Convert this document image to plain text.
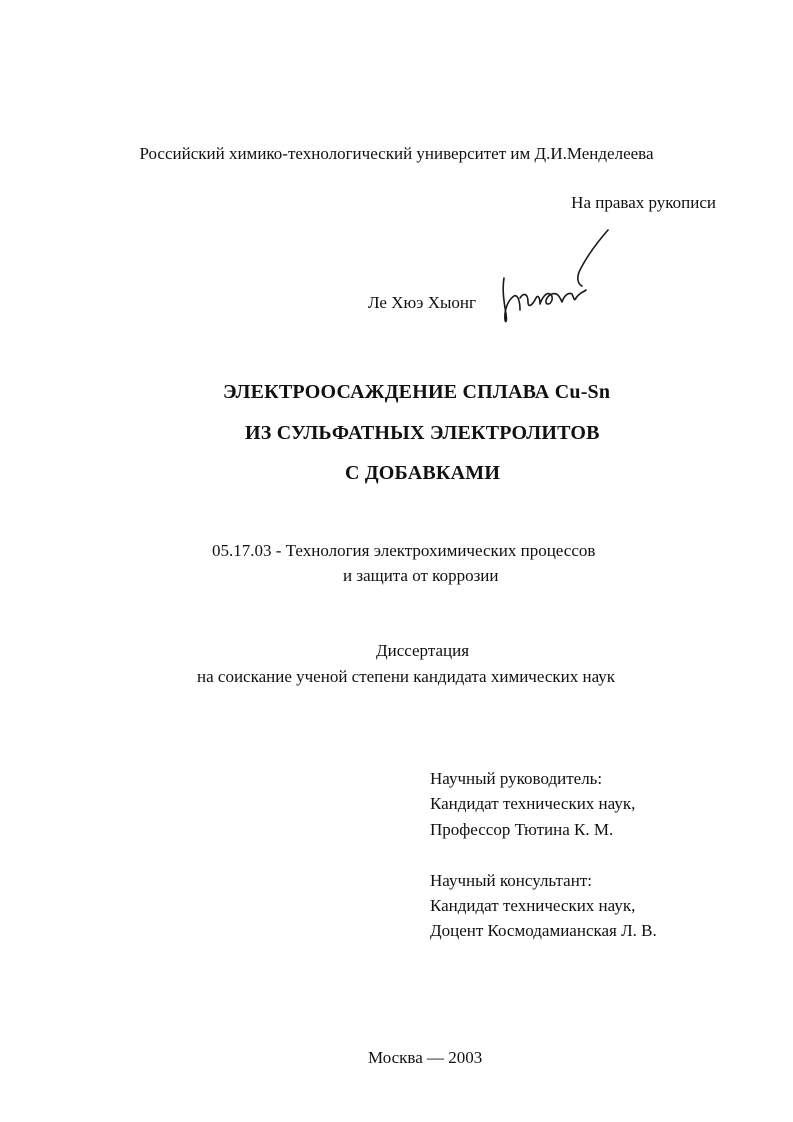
Российский химико-технологический университет им Д.И.Менделеева
На правах рукописи
Ле Хюэ Хыонг
ЭЛЕКТРООСАЖДЕНИЕ СПЛАВА Cu-Sn
ИЗ СУЛЬФАТНЫХ ЭЛЕКТРОЛИТОВ
С ДОБАВКАМИ
05.17.03 - Технология электрохимических процессов
и защита от коррозии
Диссертация
на соискание ученой степени кандидата химических наук
Научный руководитель:
Кандидат технических наук,
Профессор Тютина К. М.
Научный консультант:
Кандидат технических наук,
Доцент Космодамианская Л. В.
Москва — 2003
